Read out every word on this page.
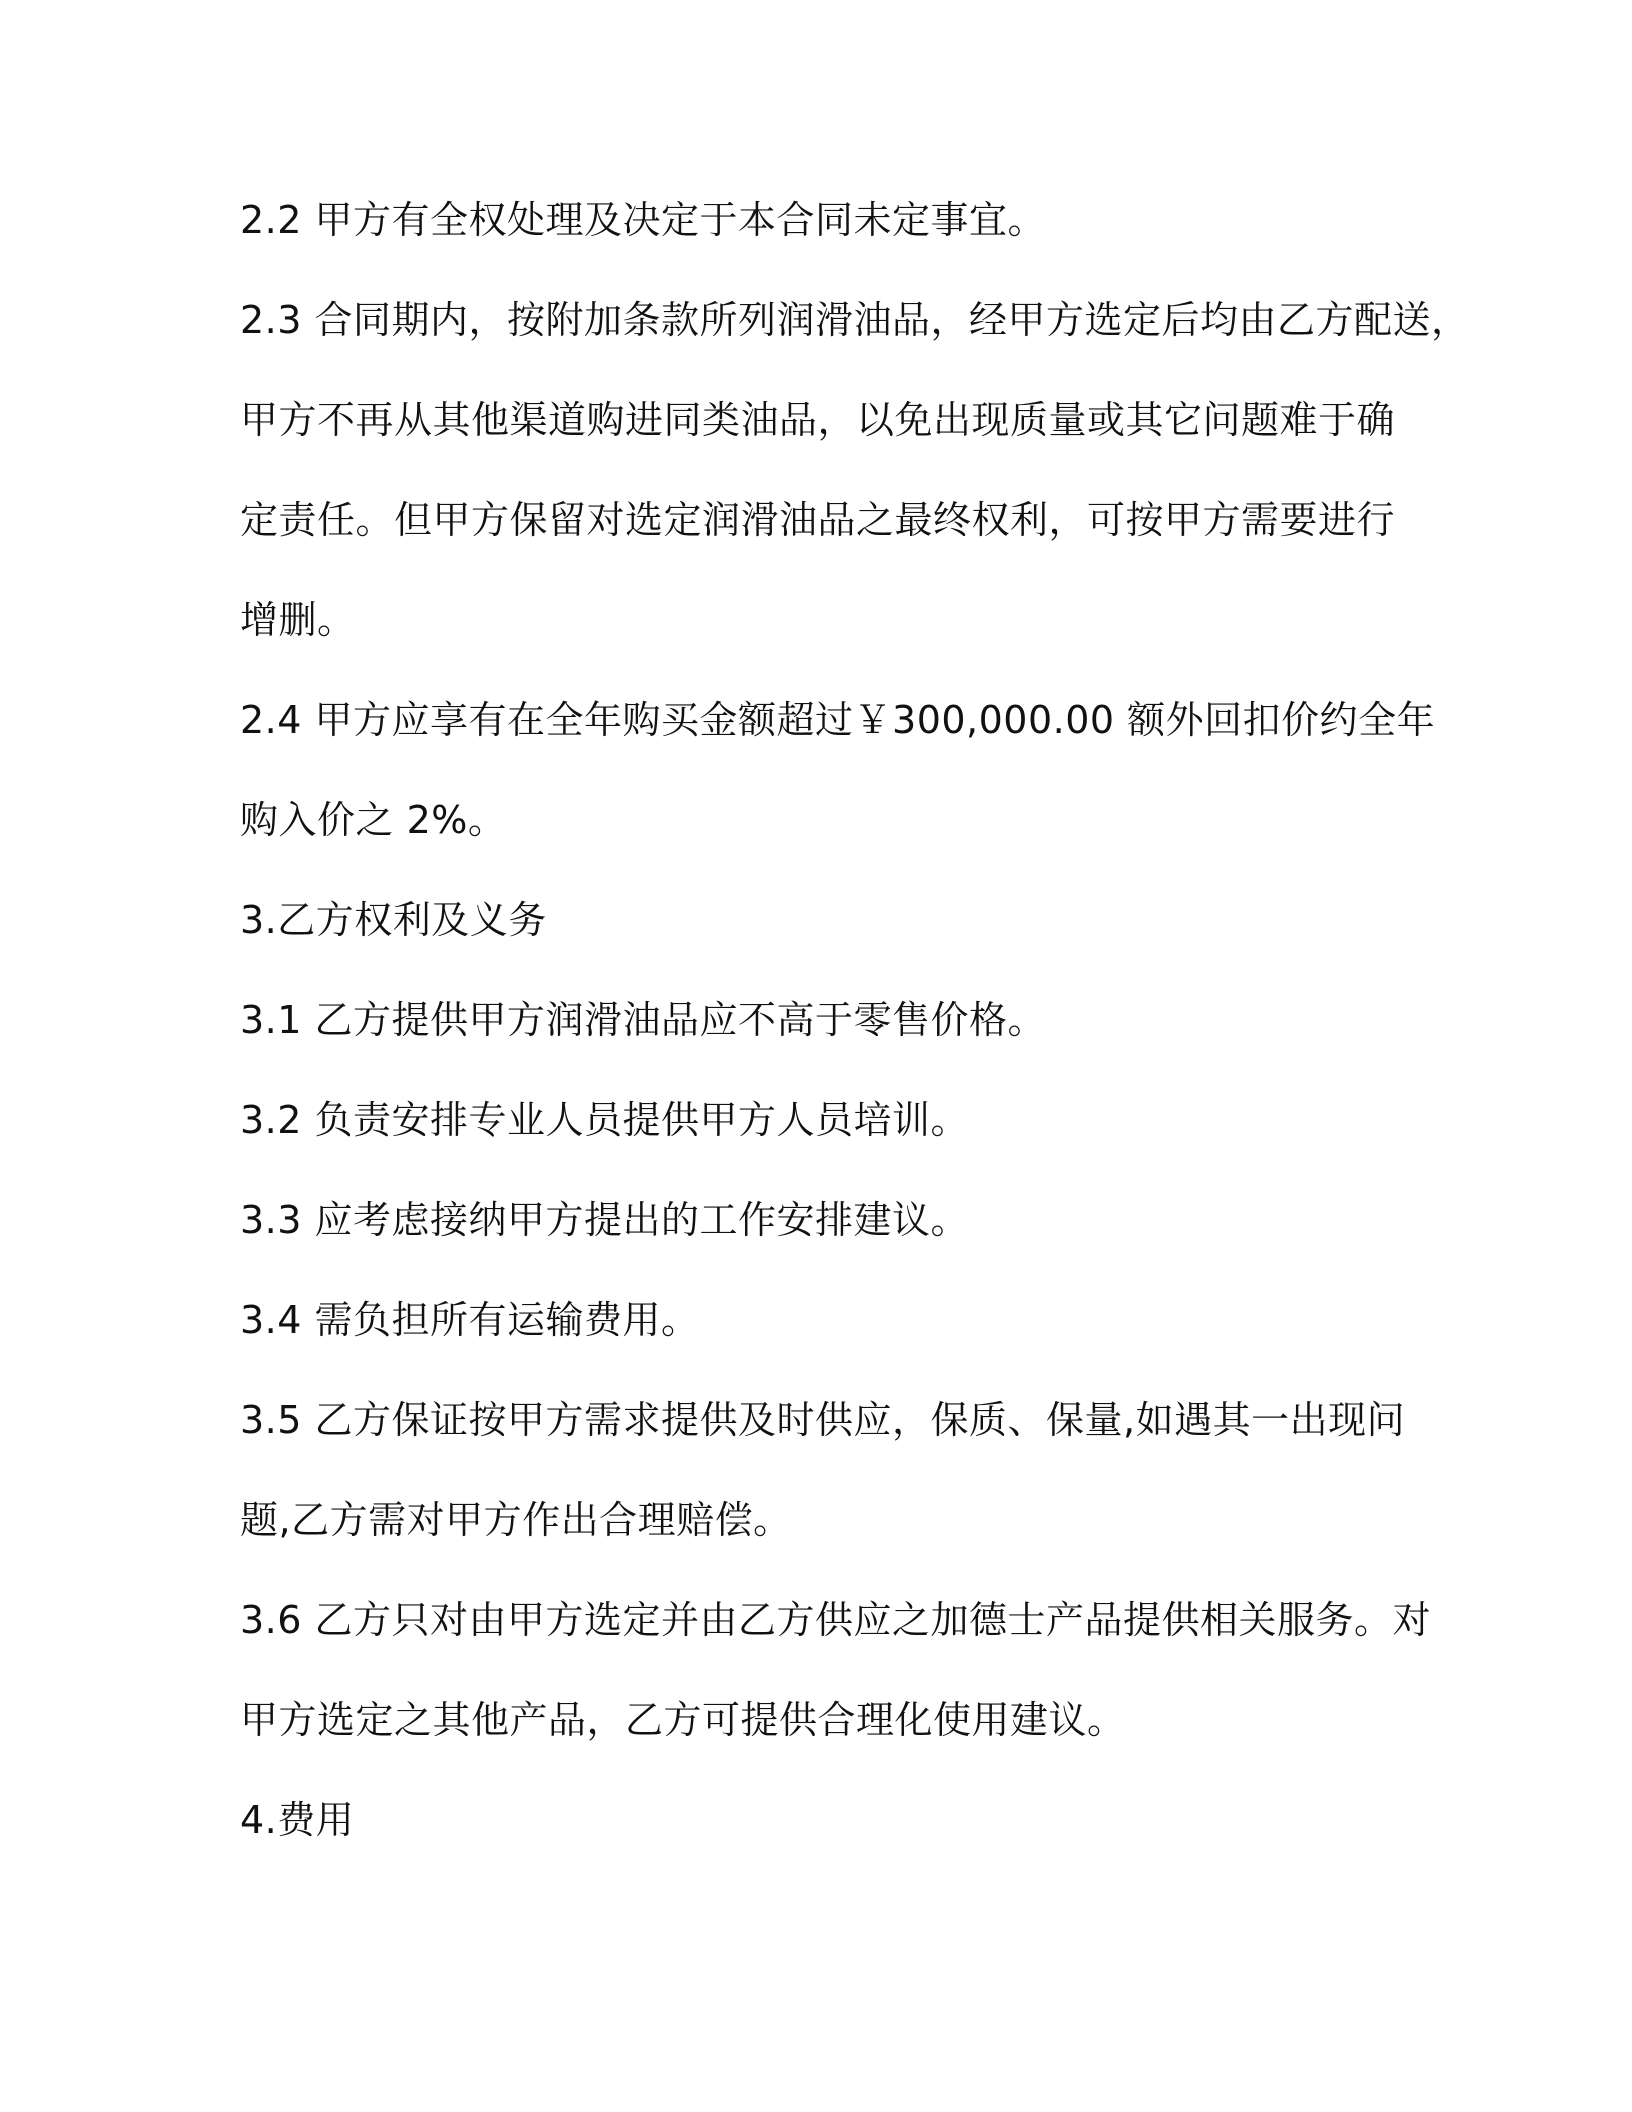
2.2 甲方有全权处理及决定于本合同未定事宜。
2.3 合同期内，按附加条款所列润滑油品，经甲方选定后均由乙方配送，
甲方不再从其他渠道购进同类油品，以免出现质量或其它问题难于确
定责任。但甲方保留对选定润滑油品之最终权利，可按甲方需要进行
增删。
2.4 甲方应享有在全年购买金额超过￥300,000.00 额外回扣价约全年
购入价之 2%。
3.乙方权利及义务
3.1 乙方提供甲方润滑油品应不高于零售价格。
3.2 负责安排专业人员提供甲方人员培训。
3.3 应考虑接纳甲方提出的工作安排建议。
3.4 需负担所有运输费用。
3.5 乙方保证按甲方需求提供及时供应，保质、保量,如遇其一出现问
题,乙方需对甲方作出合理赔偿。
3.6 乙方只对由甲方选定并由乙方供应之加德士产品提供相关服务。对
甲方选定之其他产品，乙方可提供合理化使用建议。
4.费用
